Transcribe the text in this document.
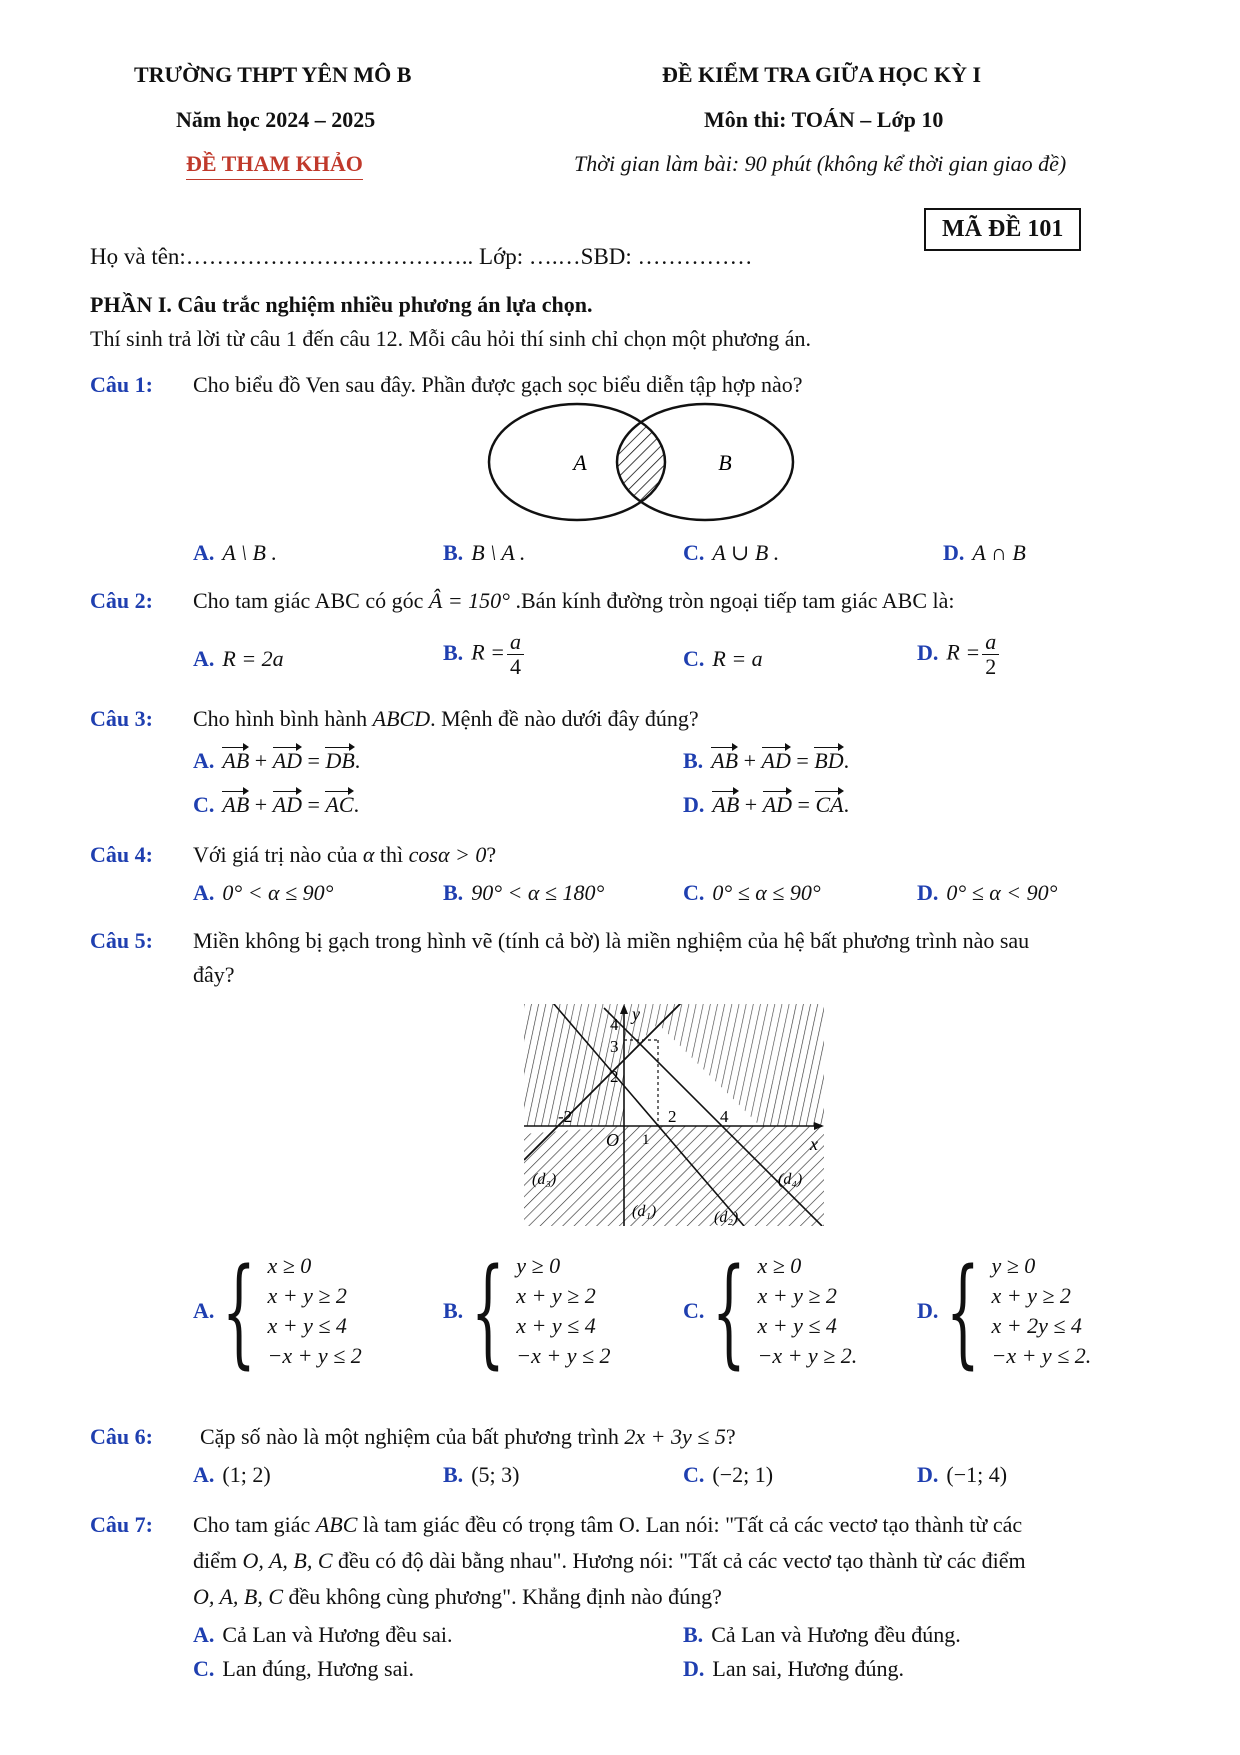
TRƯỜNG THPT YÊN MÔ B	ĐỀ KIỂM TRA GIỮA HỌC KỲ I
Năm học 2024 – 2025	Môn thi: TOÁN – Lớp 10
ĐỀ THAM KHẢO	Thời gian làm bài: 90 phút (không kể thời gian giao đề)
MÃ ĐỀ 101
Họ và tên:……………………………….. Lớp: ….…SBD: ……………
PHẦN I. Câu trắc nghiệm nhiều phương án lựa chọn.
Thí sinh trả lời từ câu 1 đến câu 12. Mỗi câu hỏi thí sinh chỉ chọn một phương án.
Câu 1: Cho biểu đồ Ven sau đây. Phần được gạch sọc biểu diễn tập hợp nào?
A	B
A. A \ B .	B. B \ A .	C. A ∪ B .	D. A ∩ B
Câu 2: Cho tam giác ABC có góc Â = 150° .Bán kính đường tròn ngoại tiếp tam giác ABC là:
A. R = 2a	B. $R = \frac{a}{4}$	C. R = a	D. $R = \frac{a}{2}$
Câu 3: Cho hình bình hành ABCD. Mệnh đề nào dưới đây đúng?
A. AB + AD = DB.	B. AB + AD = BD.
C. AB + AD = AC.	D. AB + AD = CA.
Câu 4: Với giá trị nào của α thì cosα > 0?
A. 0° < α ≤ 90°	B. 90° < α ≤ 180°	C. 0° ≤ α ≤ 90°	D. 0° ≤ α < 90°
Câu 5: Miền không bị gạch trong hình vẽ (tính cả bờ) là miền nghiệm của hệ bất phương trình nào sau
đây?
y
x
O
4
3
2
-2	2	4
1
(d₃)
(d₁)	(d₂)
(d₄)
A. { x ≥ 0
x + y ≥ 2
x + y ≤ 4
−x + y ≤ 2
B. { y ≥ 0
x + y ≥ 2
x + y ≤ 4
−x + y ≤ 2
C. { x ≥ 0
x + y ≥ 2
x + y ≤ 4
−x + y ≥ 2.
D. { y ≥ 0
x + y ≥ 2
x + 2y ≤ 4
−x + y ≤ 2.
Câu 6: Cặp số nào là một nghiệm của bất phương trình 2x + 3y ≤ 5?
A. (1; 2)	B. (5; 3)	C. (−2; 1)	D. (−1; 4)
Câu 7: Cho tam giác ABC là tam giác đều có trọng tâm O. Lan nói: "Tất cả các vectơ tạo thành từ các
điểm O, A, B, C đều có độ dài bằng nhau". Hương nói: "Tất cả các vectơ tạo thành từ các điểm
O, A, B, C đều không cùng phương". Khẳng định nào đúng?
A. Cả Lan và Hương đều sai.	B. Cả Lan và Hương đều đúng.
C. Lan đúng, Hương sai.	D. Lan sai, Hương đúng.
